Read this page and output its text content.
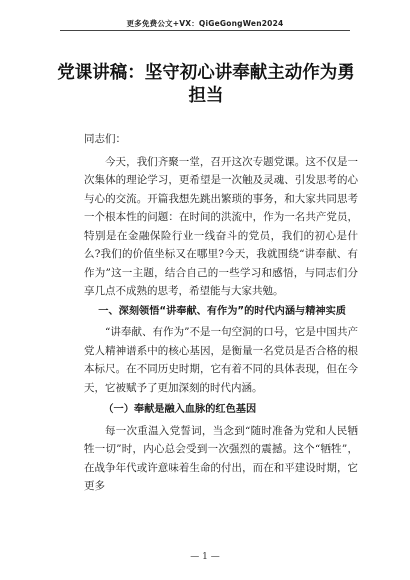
更多免费公文+VX：QiGeGongWen2024
党课讲稿：坚守初心讲奉献主动作为勇担当

同志们：

今天，我们齐聚一堂，召开这次专题党课。这不仅是一次集体的理论学习，更希望是一次触及灵魂、引发思考的心与心的交流。开篇我想先跳出繁琐的事务，和大家共同思考一个根本性的问题：在时间的洪流中，作为一名共产党员，特别是在金融保险行业一线奋斗的党员，我们的初心是什么?我们的价值坐标又在哪里?今天，我就围绕“讲奉献、有作为”这一主题，结合自己的一些学习和感悟，与同志们分享几点不成熟的思考，希望能与大家共勉。

一、深刻领悟“讲奉献、有作为”的时代内涵与精神实质

“讲奉献、有作为”不是一句空洞的口号，它是中国共产党人精神谱系中的核心基因，是衡量一名党员是否合格的根本标尺。在不同历史时期，它有着不同的具体表现，但在今天，它被赋予了更加深刻的时代内涵。

（一）奉献是融入血脉的红色基因

每一次重温入党誓词，当念到“随时准备为党和人民牺牲一切”时，内心总会受到一次强烈的震撼。这个“牺牲”，在战争年代或许意味着生命的付出，而在和平建设时期，它更多

— 1 —
